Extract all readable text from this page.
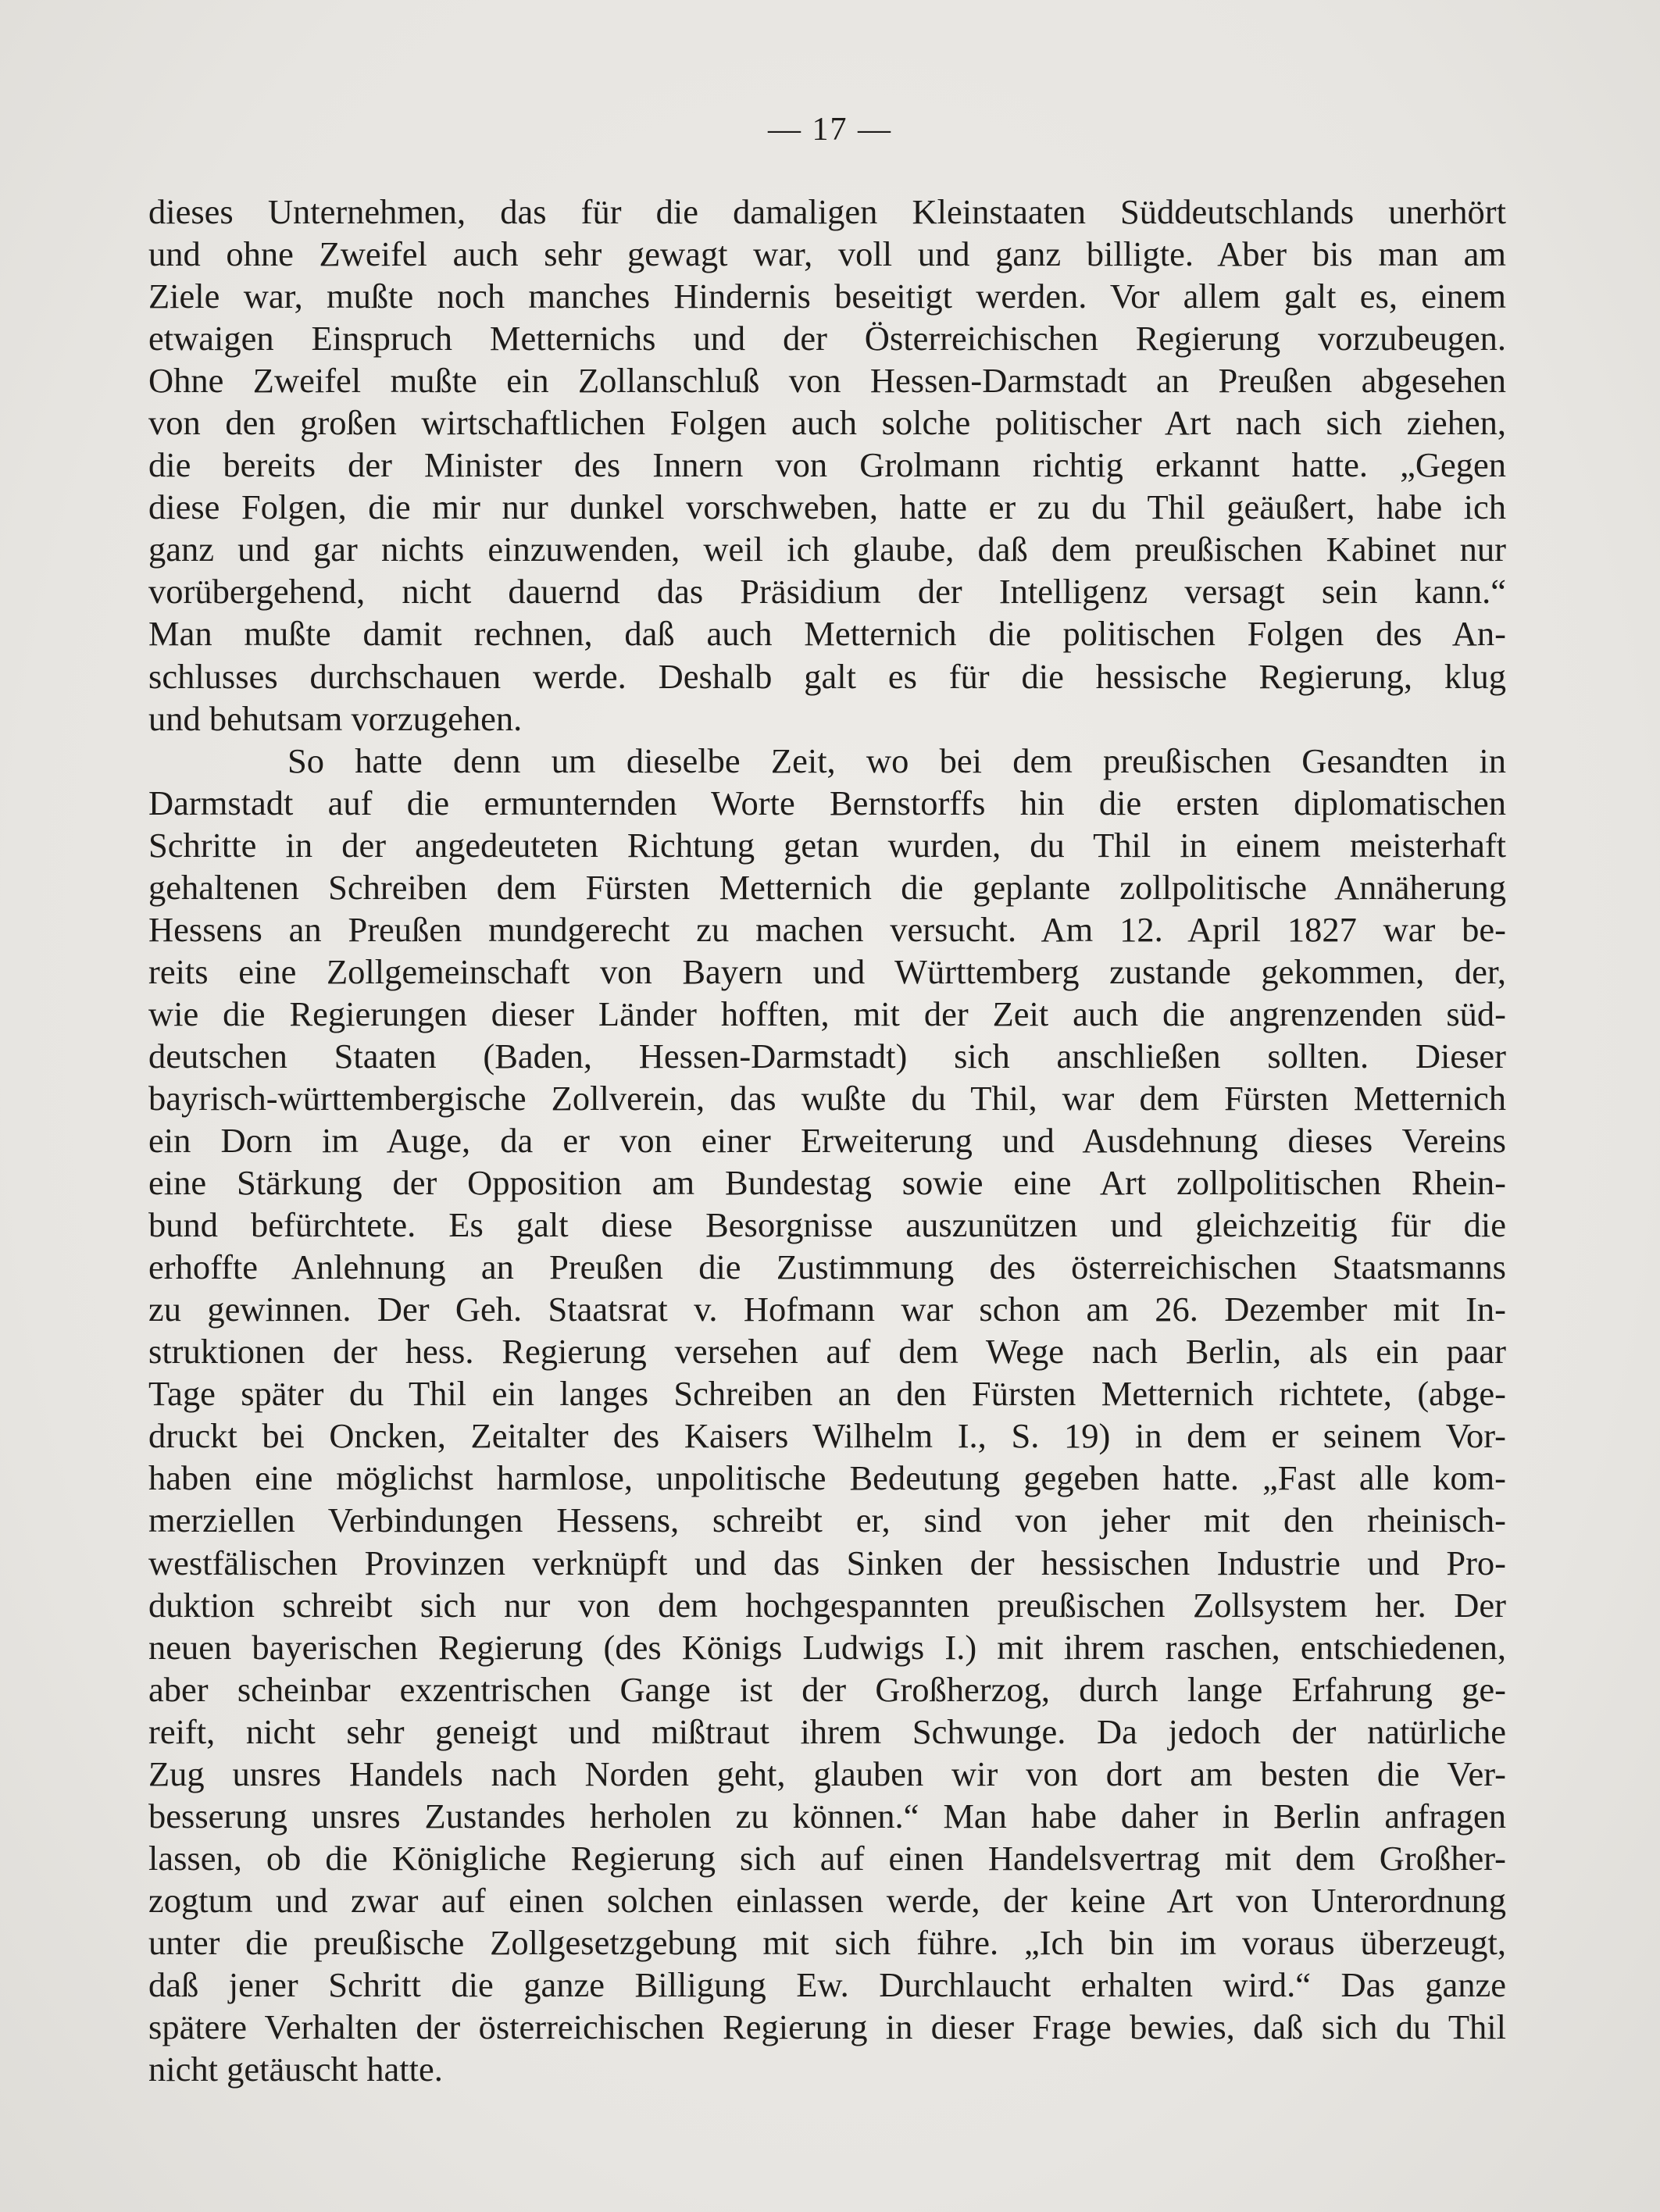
— 17 —
dieses Unternehmen, das für die damaligen Kleinstaaten Süddeutschlands unerhört
und ohne Zweifel auch sehr gewagt war, voll und ganz billigte. Aber bis man am
Ziele war, mußte noch manches Hindernis beseitigt werden. Vor allem galt es, einem
etwaigen Einspruch Metternichs und der Österreichischen Regierung vorzubeugen.
Ohne Zweifel mußte ein Zollanschluß von Hessen-Darmstadt an Preußen abgesehen
von den großen wirtschaftlichen Folgen auch solche politischer Art nach sich ziehen,
die bereits der Minister des Innern von Grolmann richtig erkannt hatte. „Gegen
diese Folgen, die mir nur dunkel vorschweben, hatte er zu du Thil geäußert, habe ich
ganz und gar nichts einzuwenden, weil ich glaube, daß dem preußischen Kabinet nur
vorübergehend, nicht dauernd das Präsidium der Intelligenz versagt sein kann.“
Man mußte damit rechnen, daß auch Metternich die politischen Folgen des An-
schlusses durchschauen werde. Deshalb galt es für die hessische Regierung, klug
und behutsam vorzugehen.
So hatte denn um dieselbe Zeit, wo bei dem preußischen Gesandten in
Darmstadt auf die ermunternden Worte Bernstorffs hin die ersten diplomatischen
Schritte in der angedeuteten Richtung getan wurden, du Thil in einem meisterhaft
gehaltenen Schreiben dem Fürsten Metternich die geplante zollpolitische Annäherung
Hessens an Preußen mundgerecht zu machen versucht. Am 12. April 1827 war be-
reits eine Zollgemeinschaft von Bayern und Württemberg zustande gekommen, der,
wie die Regierungen dieser Länder hofften, mit der Zeit auch die angrenzenden süd-
deutschen Staaten (Baden, Hessen-Darmstadt) sich anschließen sollten. Dieser
bayrisch-württembergische Zollverein, das wußte du Thil, war dem Fürsten Metternich
ein Dorn im Auge, da er von einer Erweiterung und Ausdehnung dieses Vereins
eine Stärkung der Opposition am Bundestag sowie eine Art zollpolitischen Rhein-
bund befürchtete. Es galt diese Besorgnisse auszunützen und gleichzeitig für die
erhoffte Anlehnung an Preußen die Zustimmung des österreichischen Staatsmanns
zu gewinnen. Der Geh. Staatsrat v. Hofmann war schon am 26. Dezember mit In-
struktionen der hess. Regierung versehen auf dem Wege nach Berlin, als ein paar
Tage später du Thil ein langes Schreiben an den Fürsten Metternich richtete, (abge-
druckt bei Oncken, Zeitalter des Kaisers Wilhelm I., S. 19) in dem er seinem Vor-
haben eine möglichst harmlose, unpolitische Bedeutung gegeben hatte. „Fast alle kom-
merziellen Verbindungen Hessens, schreibt er, sind von jeher mit den rheinisch-
westfälischen Provinzen verknüpft und das Sinken der hessischen Industrie und Pro-
duktion schreibt sich nur von dem hochgespannten preußischen Zollsystem her. Der
neuen bayerischen Regierung (des Königs Ludwigs I.) mit ihrem raschen, entschiedenen,
aber scheinbar exzentrischen Gange ist der Großherzog, durch lange Erfahrung ge-
reift, nicht sehr geneigt und mißtraut ihrem Schwunge. Da jedoch der natürliche
Zug unsres Handels nach Norden geht, glauben wir von dort am besten die Ver-
besserung unsres Zustandes herholen zu können.“ Man habe daher in Berlin anfragen
lassen, ob die Königliche Regierung sich auf einen Handelsvertrag mit dem Großher-
zogtum und zwar auf einen solchen einlassen werde, der keine Art von Unterordnung
unter die preußische Zollgesetzgebung mit sich führe. „Ich bin im voraus überzeugt,
daß jener Schritt die ganze Billigung Ew. Durchlaucht erhalten wird.“ Das ganze
spätere Verhalten der österreichischen Regierung in dieser Frage bewies, daß sich du Thil
nicht getäuscht hatte.
